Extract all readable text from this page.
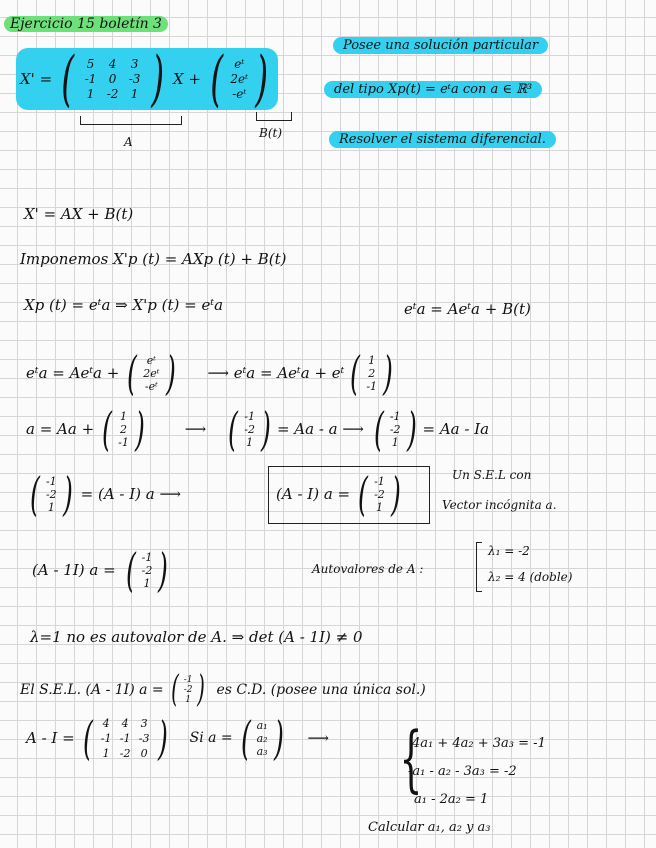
Ejercicio 15 boletín 3
X' = (	5	4	3
-1	0	-3
1	-2	1 ) X + ( eᵗ
2eᵗ
-eᵗ )
A
B(t)
Posee una solución particular
del tipo Xp(t) = eᵗa con a ∈ ℝ³
Resolver el sistema diferencial.
X' = AX + B(t)
Imponemos X'p (t) = AXp (t) + B(t)
Xp (t) = eᵗa ⇒ X'p (t) = eᵗa	eᵗa = Aeᵗa + B(t)
eᵗa = Aeᵗa + ( eᵗ
2eᵗ
-eᵗ ) ⟶ eᵗa = Aeᵗa + eᵗ ( 1
2
-1 )
a = Aa + ( 1
2
-1 )	⟶ ( -1
-2
1 ) = Aa - a ⟶ ( -1
-2
1 ) = Aa - Ia
( -1
-2
1 ) = (A - I) a ⟶	(A - I) a = ( -1
-2
1 )	Un S.E.L con
Vector incógnita a.
(A - 1I) a = ( -1
-2
1 )	Autovalores de A :
λ₁ = -2
λ₂ = 4 (doble)
λ=1 no es autovalor de A. ⇒ det (A - 1I) ≠ 0
El S.E.L. (A - 1I) a = ( -1
-2
1 ) es C.D. (posee una única sol.)
A - I = ( 4	4	3
-1 -1 -3
1 -2 0 ) Si a = ( a₁
a₂
a₃ ) ⟶ {
4a₁ + 4a₂ + 3a₃ = -1
-a₁ - a₂ - 3a₃ = -2
a₁ - 2a₂ = 1
Calcular a₁, a₂ y a₃
